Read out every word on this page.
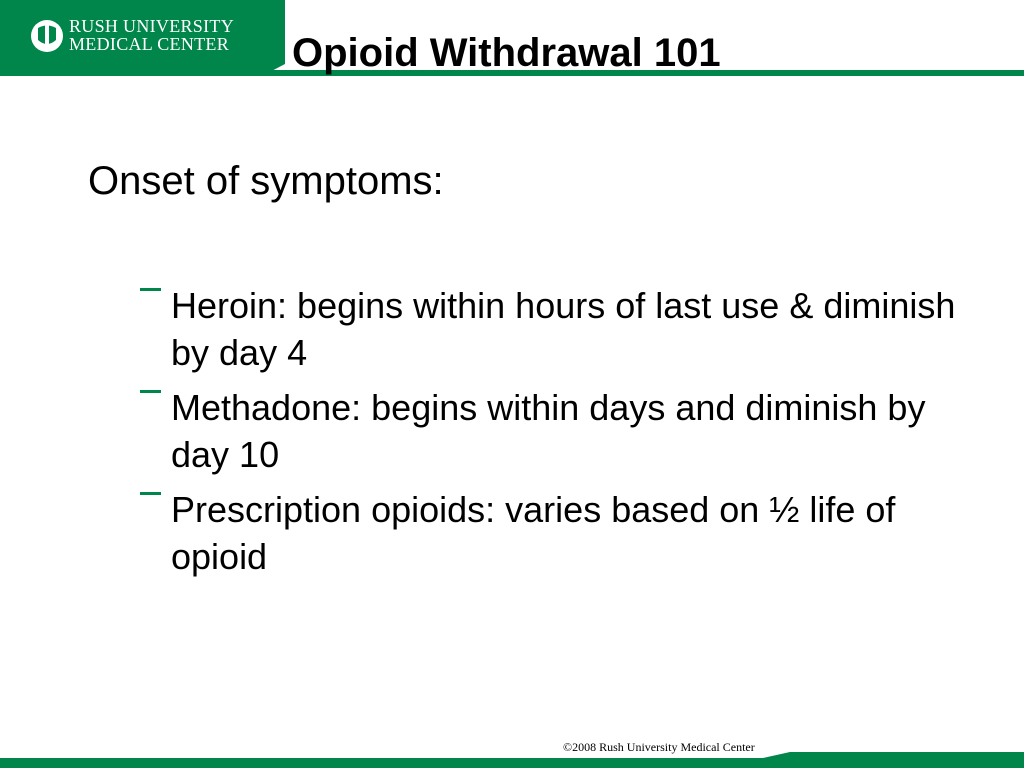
RUSH UNIVERSITY
MEDICAL CENTER Opioid Withdrawal 101
Onset of symptoms:
Heroin: begins within hours of last use & diminish by day 4
Methadone: begins within days and diminish by day 10
Prescription opioids: varies based on ½ life of opioid
©2008 Rush University Medical Center
